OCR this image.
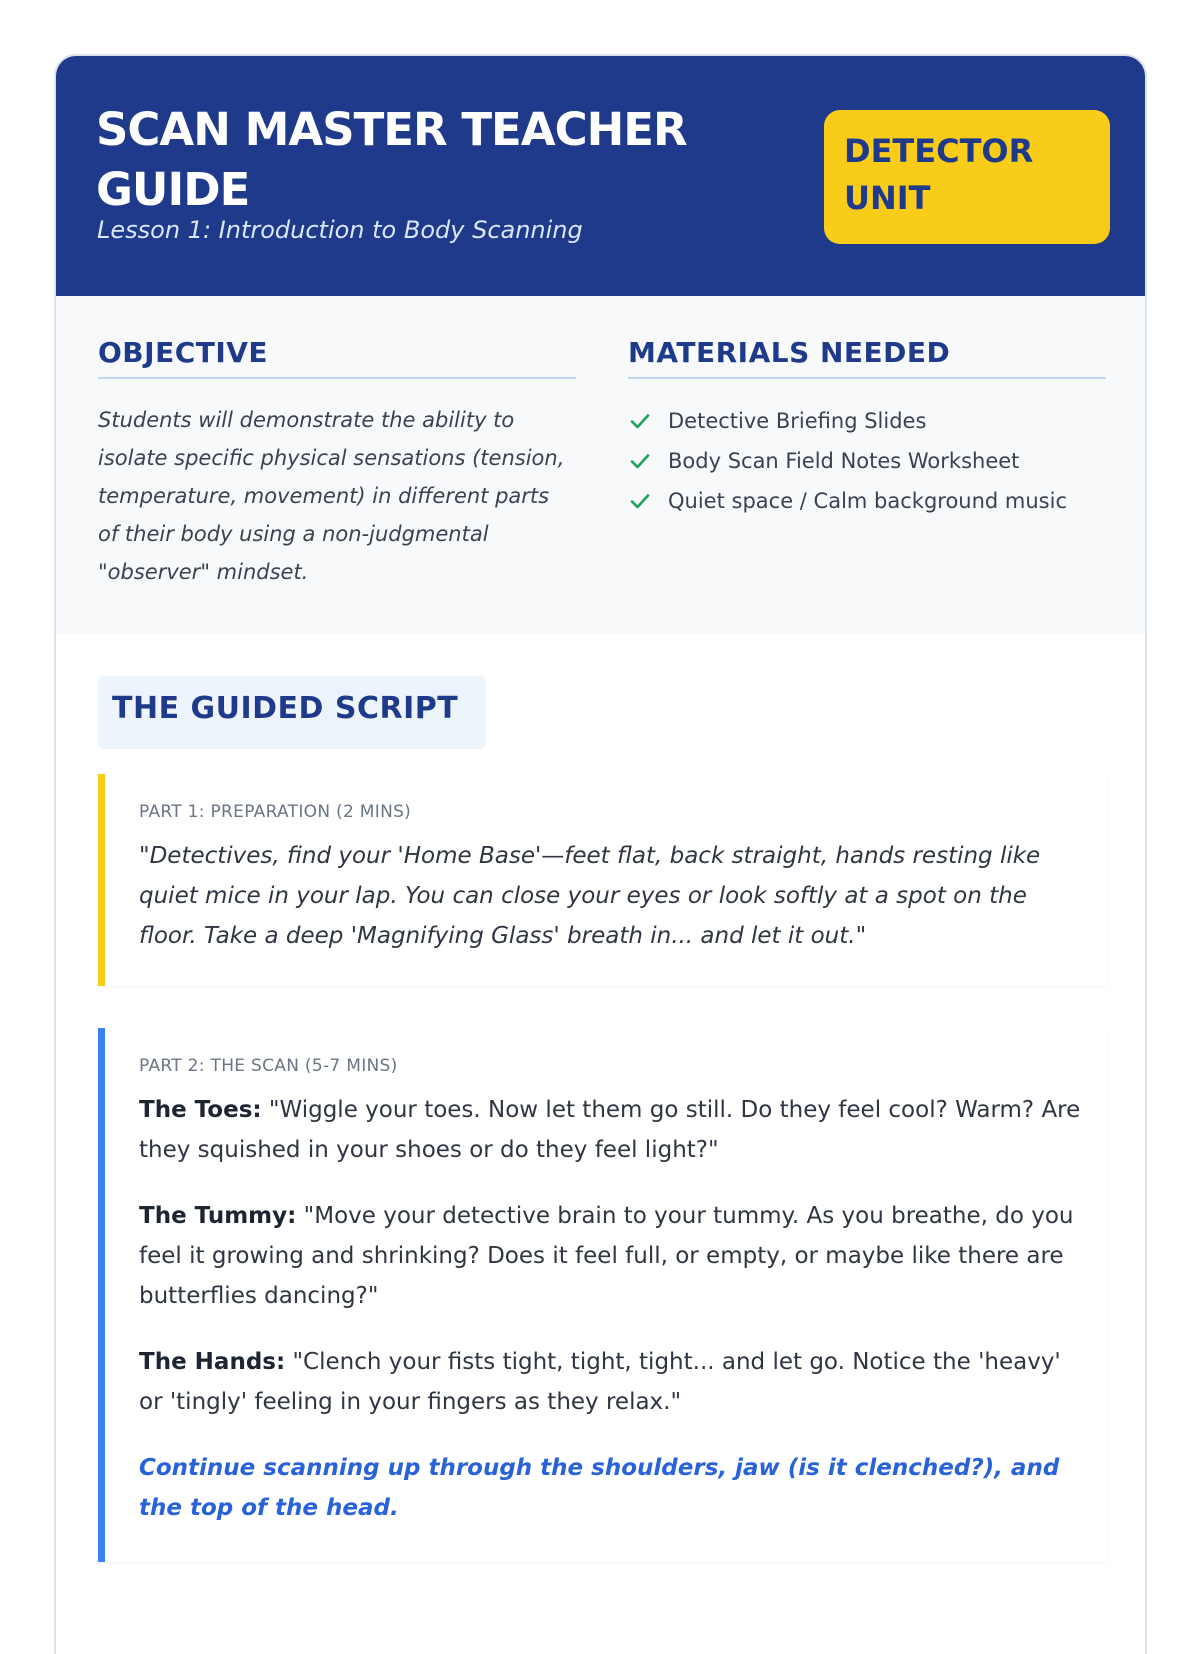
SCAN MASTER TEACHER GUIDE
Lesson 1: Introduction to Body Scanning
DETECTOR UNIT
OBJECTIVE

Students will demonstrate the ability to isolate specific physical sensations (tension, temperature, movement) in different parts of their body using a non-judgmental "observer" mindset.

MATERIALS NEEDED
Detective Briefing Slides
Body Scan Field Notes Worksheet
Quiet space / Calm background music
THE GUIDED SCRIPT
PART 1: PREPARATION (2 MINS)

"Detectives, find your 'Home Base'—feet flat, back straight, hands resting like quiet mice in your lap. You can close your eyes or look softly at a spot on the floor. Take a deep 'Magnifying Glass' breath in... and let it out."

PART 2: THE SCAN (5-7 MINS)

The Toes: "Wiggle your toes. Now let them go still. Do they feel cool? Warm? Are they squished in your shoes or do they feel light?"

The Tummy: "Move your detective brain to your tummy. As you breathe, do you feel it growing and shrinking? Does it feel full, or empty, or maybe like there are butterflies dancing?"

The Hands: "Clench your fists tight, tight, tight... and let go. Notice the 'heavy' or 'tingly' feeling in your fingers as they relax."

Continue scanning up through the shoulders, jaw (is it clenched?), and the top of the head.
